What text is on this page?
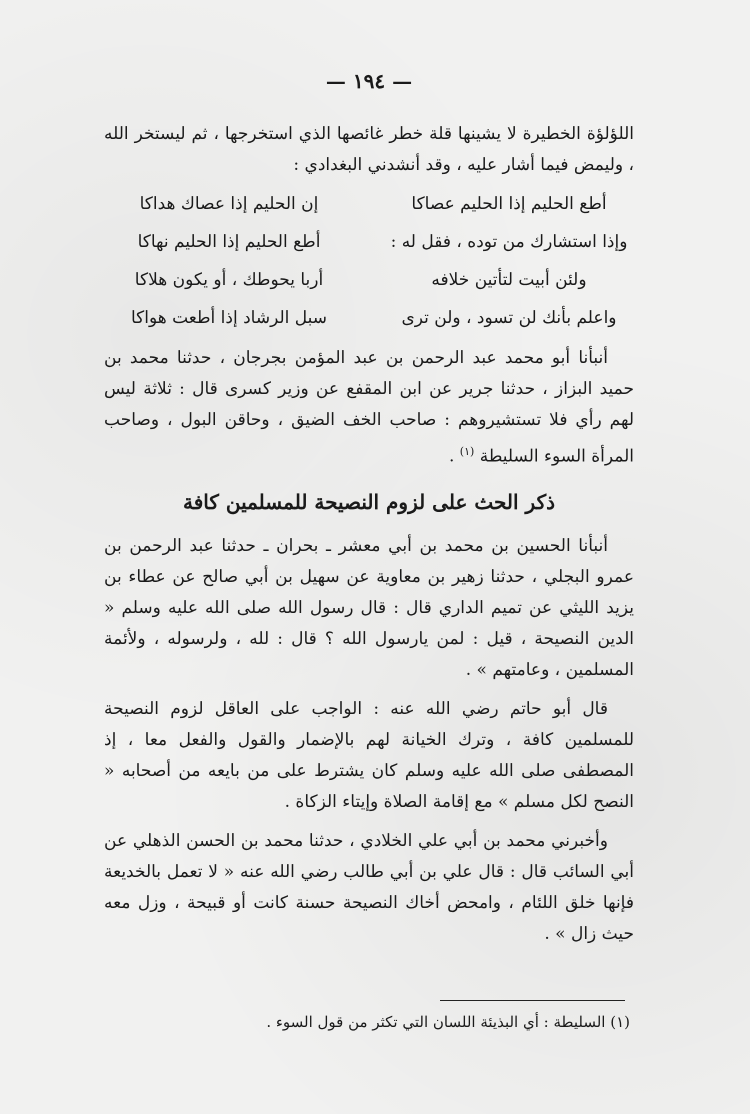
— ١٩٤ —

اللؤلؤة الخطيرة لا يشينها قلة خطر غائصها الذي استخرجها ، ثم ليستخر الله ، وليمض فيما أشار عليه ، وقد أنشدني البغدادي :

أطع الحليم إذا الحليم عصاكا
إن الحليم إذا عصاك هداكا
وإذا استشارك من توده ، فقل له :
أطع الحليم إذا الحليم نهاكا
ولئن أبيت لتأتين خلافه
أربا يحوطك ، أو يكون هلاكا
واعلم بأنك لن تسود ، ولن ترى
سبل الرشاد إذا أطعت هواكا

أنبأنا أبو محمد عبد الرحمن بن عبد المؤمن بجرجان ، حدثنا محمد بن حميد البزاز ، حدثنا جرير عن ابن المقفع عن وزير كسرى قال : ثلاثة ليس لهم رأي فلا تستشيروهم : صاحب الخف الضيق ، وحاقن البول ، وصاحب المرأة السوء السليطة $^{(١)}$ .

ذكر الحث على لزوم النصيحة للمسلمين كافة

أنبأنا الحسين بن محمد بن أبي معشر ـ بحران ـ حدثنا عبد الرحمن بن عمرو البجلي ، حدثنا زهير بن معاوية عن سهيل بن أبي صالح عن عطاء بن يزيد الليثي عن تميم الداري قال : قال رسول الله صلى الله عليه وسلم « الدين النصيحة ، قيل : لمن يارسول الله ؟ قال : لله ، ولرسوله ، ولأئمة المسلمين ، وعامتهم » .

قال أبو حاتم رضي الله عنه : الواجب على العاقل لزوم النصيحة للمسلمين كافة ، وترك الخيانة لهم بالإضمار والقول والفعل معا ، إذ المصطفى صلى الله عليه وسلم كان يشترط على من بايعه من أصحابه « النصح لكل مسلم » مع إقامة الصلاة وإيتاء الزكاة .

وأخبرني محمد بن أبي علي الخلادي ، حدثنا محمد بن الحسن الذهلي عن أبي السائب قال : قال علي بن أبي طالب رضي الله عنه « لا تعمل بالخديعة فإنها خلق اللئام ، وامحض أخاك النصيحة حسنة كانت أو قبيحة ، وزل معه حيث زال » .

(١) السليطة : أي البذيئة اللسان التي تكثر من قول السوء .
